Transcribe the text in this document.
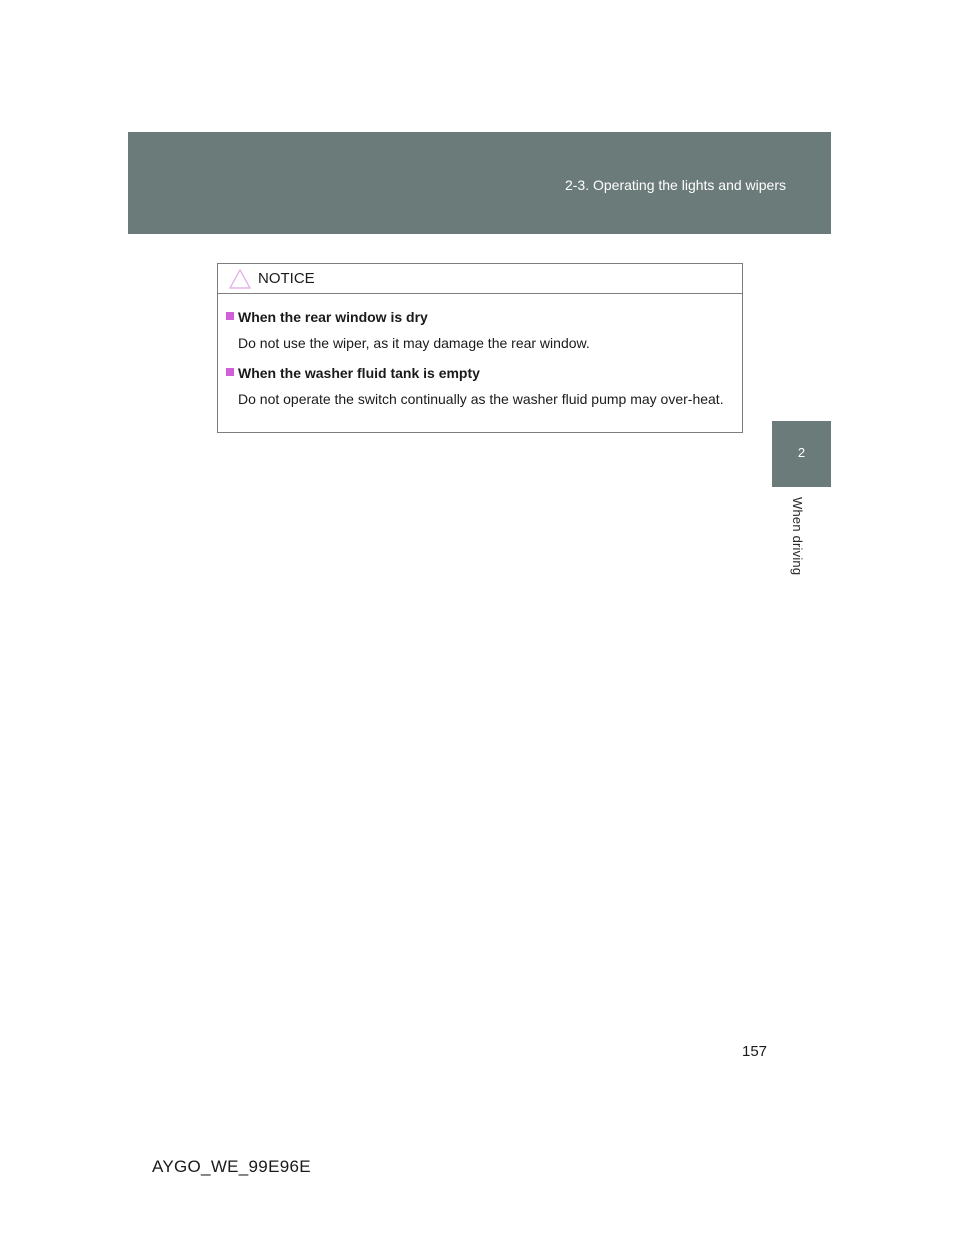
2-3. Operating the lights and wipers
2
When driving
NOTICE
When the rear window is dry
Do not use the wiper, as it may damage the rear window.
When the washer fluid tank is empty
Do not operate the switch continually as the washer fluid pump may over-heat.
157
AYGO_WE_99E96E
